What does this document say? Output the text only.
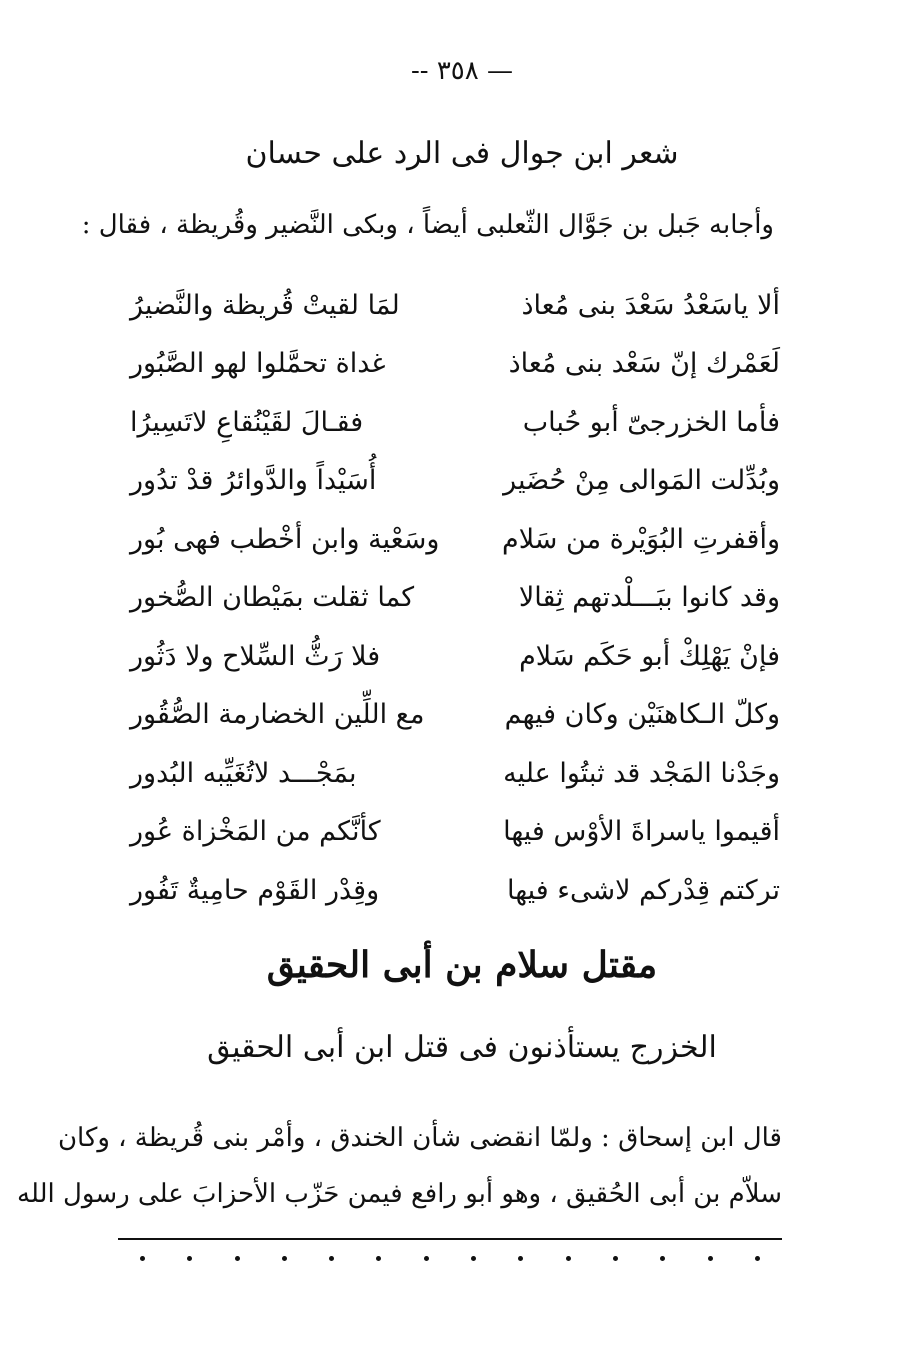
— ٣٥٨ --
شعر ابن جوال فى الرد على حسان
وأجابه جَبل بن جَوَّال الثّعلبى أيضاً ، وبكى النَّضير وقُريظة ، فقال :
ألا ياسَعْدُ سَعْدَ بنى مُعاذ
لمَا لقيتْ قُريظة والنَّضيرُ
لَعَمْرك إنّ سَعْد بنى مُعاذ
غداة تحمَّلوا لهو الصَّبُور
فأما الخزرجىّ أبو حُباب
فقـالَ لقَيْنُقاعِ لاتَسِيرُا
وبُدِّلت المَوالى مِنْ حُضَير
أُسَيْداً والدَّوائرُ قدْ تدُور
وأقفرتِ البُوَيْرة من سَلام
وسَعْية وابن أخْطب فهى بُور
وقد كانوا ببَـــلْدتهم ثِقالا
كما ثقلت بمَيْطان الصُّخور
فإنْ يَهْلِكْ أبو حَكَم سَلام
فلا رَثُّ السِّلاح ولا دَثُور
وكلّ الـكاهنَيْن وكان فيهم
مع اللِّين الخضارمة الصُّقُور
وجَدْنا المَجْد قد ثبتُوا عليه
بمَجْـــد لاتُغَيِّبه البُدور
أقيموا ياسراةَ الأوْس فيها
كأنَّكم من المَخْزاة عُور
تركتم قِدْركم لاشىء فيها
وقِدْر القَوْم حامِيةٌ تَفُور
مقتل سلام بن أبى الحقيق
الخزرج يستأذنون فى قتل ابن أبى الحقيق
قال ابن إسحاق : ولمّا انقضى شأن الخندق ، وأمْر بنى قُريظة ، وكان
سلاّم بن أبى الحُقيق ، وهو أبو رافع فيمن حَزّب الأحزابَ على رسول الله
